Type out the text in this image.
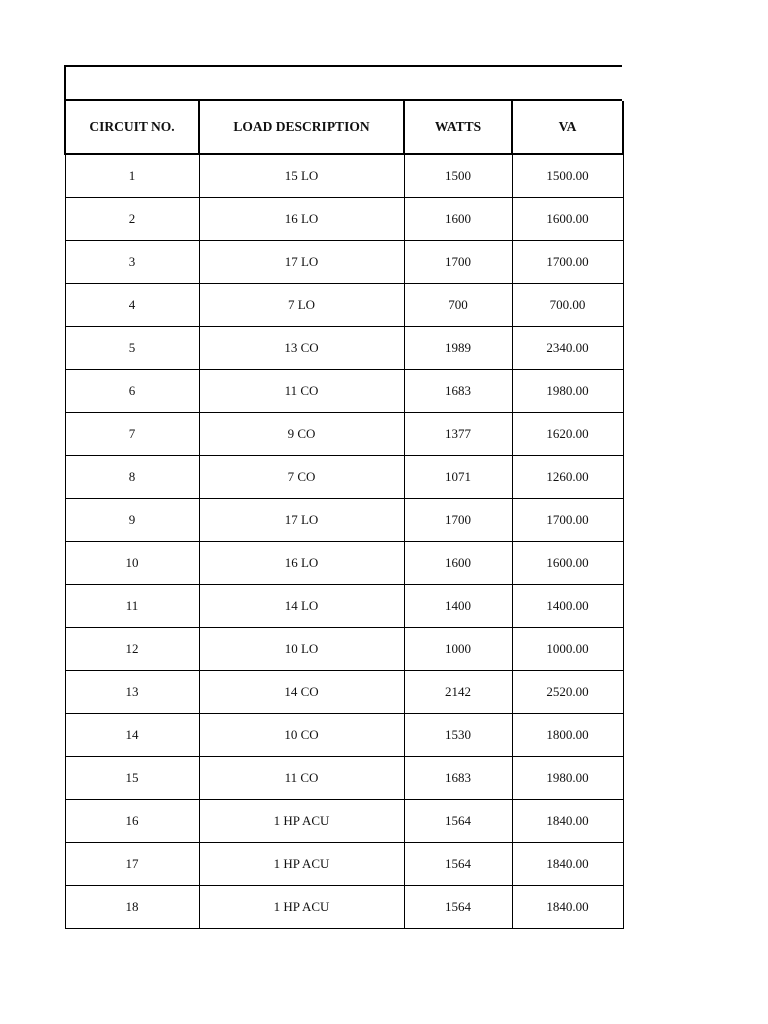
CIRCUIT NO.	LOAD DESCRIPTION	WATTS	VA
1	15 LO	1500	1500.00
2	16 LO	1600	1600.00
3	17 LO	1700	1700.00
4	7 LO	700	700.00
5	13 CO	1989	2340.00
6	11 CO	1683	1980.00
7	9 CO	1377	1620.00
8	7 CO	1071	1260.00
9	17 LO	1700	1700.00
10	16 LO	1600	1600.00
11	14 LO	1400	1400.00
12	10 LO	1000	1000.00
13	14 CO	2142	2520.00
14	10 CO	1530	1800.00
15	11 CO	1683	1980.00
16	1 HP ACU	1564	1840.00
17	1 HP ACU	1564	1840.00
18	1 HP ACU	1564	1840.00
